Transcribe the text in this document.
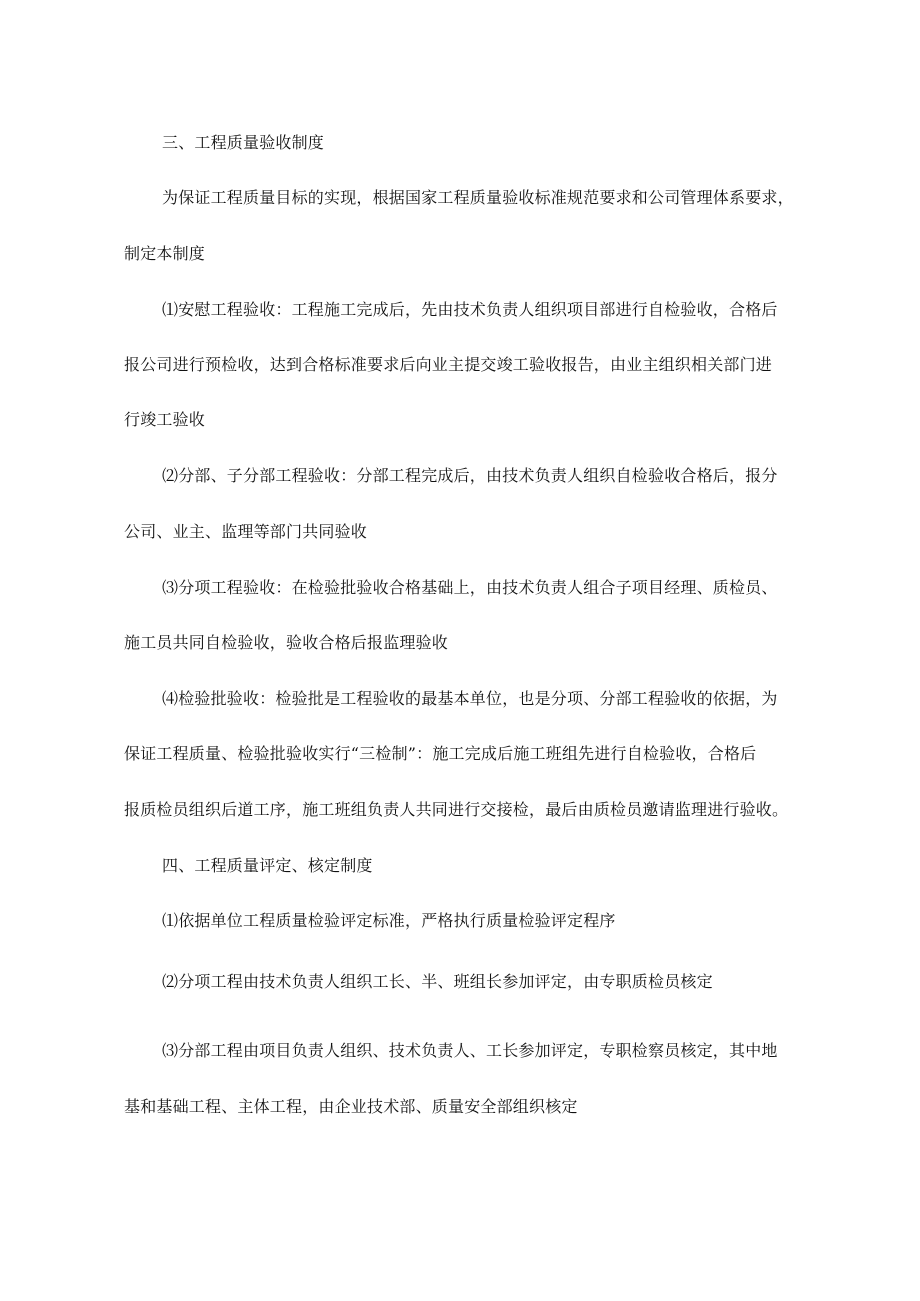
三、工程质量验收制度
为保证工程质量目标的实现，根据国家工程质量验收标准规范要求和公司管理体系要求，
制定本制度
⑴安慰工程验收：工程施工完成后，先由技术负责人组织项目部进行自检验收，合格后
报公司进行预检收，达到合格标准要求后向业主提交竣工验收报告，由业主组织相关部门进
行竣工验收
⑵分部、子分部工程验收：分部工程完成后，由技术负责人组织自检验收合格后，报分
公司、业主、监理等部门共同验收
⑶分项工程验收：在检验批验收合格基础上，由技术负责人组合子项目经理、质检员、
施工员共同自检验收，验收合格后报监理验收
⑷检验批验收：检验批是工程验收的最基本单位，也是分项、分部工程验收的依据，为
保证工程质量、检验批验收实行“三检制”：施工完成后施工班组先进行自检验收，合格后
报质检员组织后道工序，施工班组负责人共同进行交接检，最后由质检员邀请监理进行验收。
四、工程质量评定、核定制度
⑴依据单位工程质量检验评定标准，严格执行质量检验评定程序
⑵分项工程由技术负责人组织工长、半、班组长参加评定，由专职质检员核定
⑶分部工程由项目负责人组织、技术负责人、工长参加评定，专职检察员核定，其中地
基和基础工程、主体工程，由企业技术部、质量安全部组织核定
